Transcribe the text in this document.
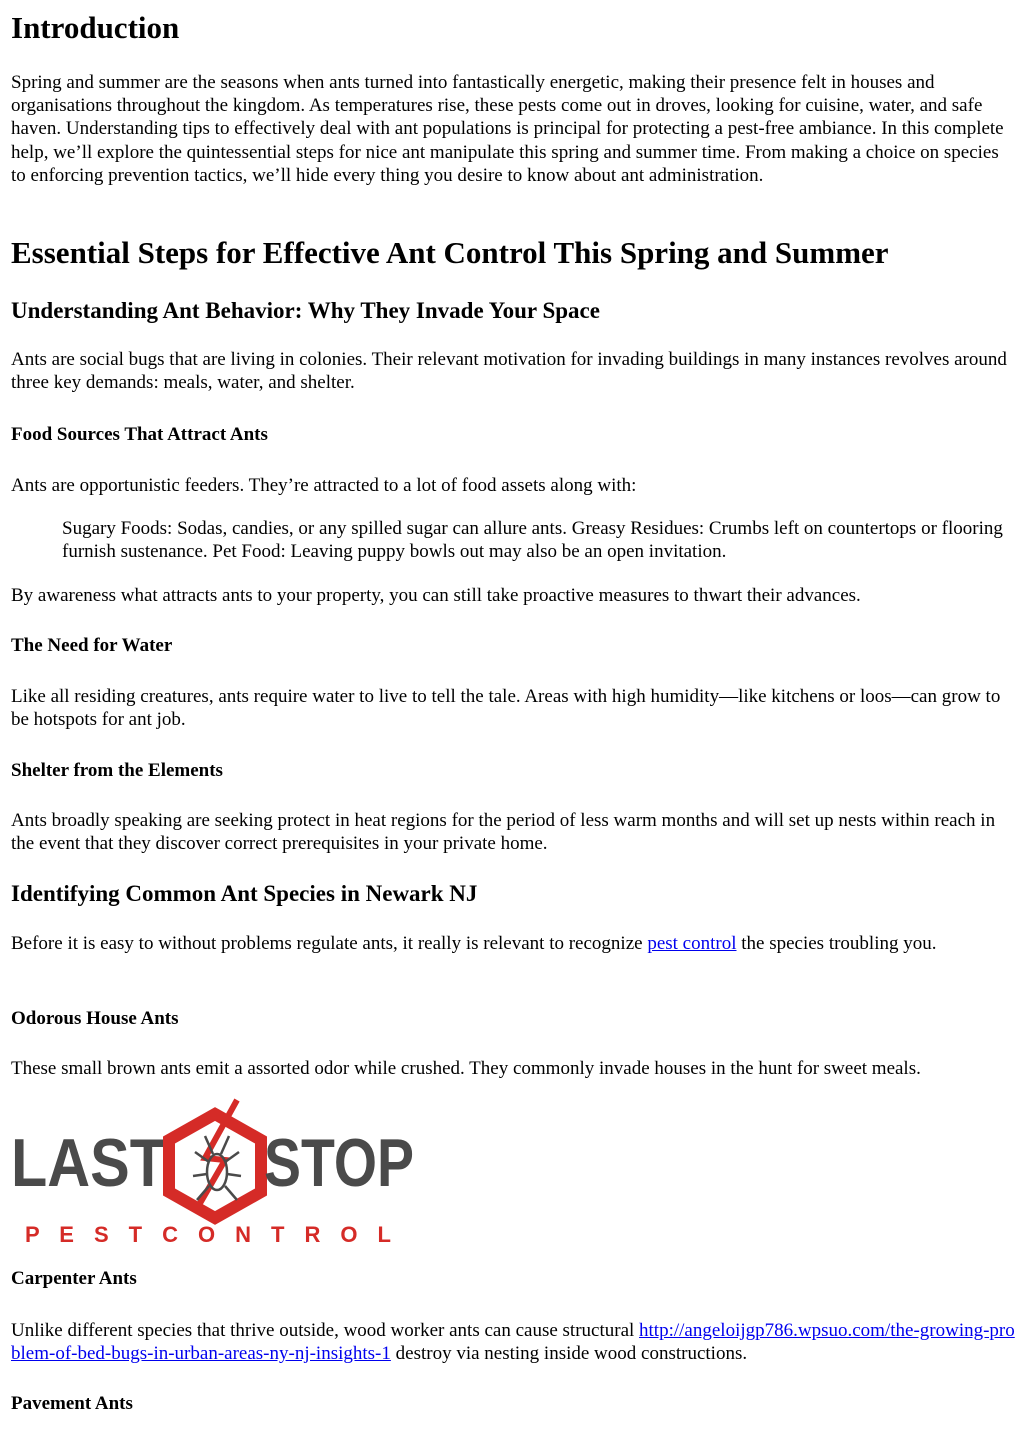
Introduction

Spring and summer are the seasons when ants turned into fantastically energetic, making their presence felt in houses and organisations throughout the kingdom. As temperatures rise, these pests come out in droves, looking for cuisine, water, and safe haven. Understanding tips to effectively deal with ant populations is principal for protecting a pest-free ambiance. In this complete help, we’ll explore the quintessential steps for nice ant manipulate this spring and summer time. From making a choice on species to enforcing prevention tactics, we’ll hide every thing you desire to know about ant administration.

Essential Steps for Effective Ant Control This Spring and Summer
Understanding Ant Behavior: Why They Invade Your Space

Ants are social bugs that are living in colonies. Their relevant motivation for invading buildings in many instances revolves around three key demands: meals, water, and shelter.

Food Sources That Attract Ants

Ants are opportunistic feeders. They’re attracted to a lot of food assets along with:

Sugary Foods: Sodas, candies, or any spilled sugar can allure ants. Greasy Residues: Crumbs left on countertops or flooring furnish sustenance. Pet Food: Leaving puppy bowls out may also be an open invitation.

By awareness what attracts ants to your property, you can still take proactive measures to thwart their advances.

The Need for Water

Like all residing creatures, ants require water to live to tell the tale. Areas with high humidity—like kitchens or loos—can grow to be hotspots for ant job.

Shelter from the Elements

Ants broadly speaking are seeking protect in heat regions for the period of less warm months and will set up nests within reach in the event that they discover correct prerequisites in your private home.

Identifying Common Ant Species in Newark NJ

Before it is easy to without problems regulate ants, it really is relevant to recognize pest control the species troubling you.

Odorous House Ants

These small brown ants emit a assorted odor while crushed. They commonly invade houses in the hunt for sweet meals.

LAST STOP
P E S T C O N T R O L
Carpenter Ants

Unlike different species that thrive outside, wood worker ants can cause structural http://angeloijgp786.wpsuo.com/the-growing-problem-of-bed-bugs-in-urban-areas-ny-nj-insights-1 destroy via nesting inside wood constructions.

Pavement Ants
